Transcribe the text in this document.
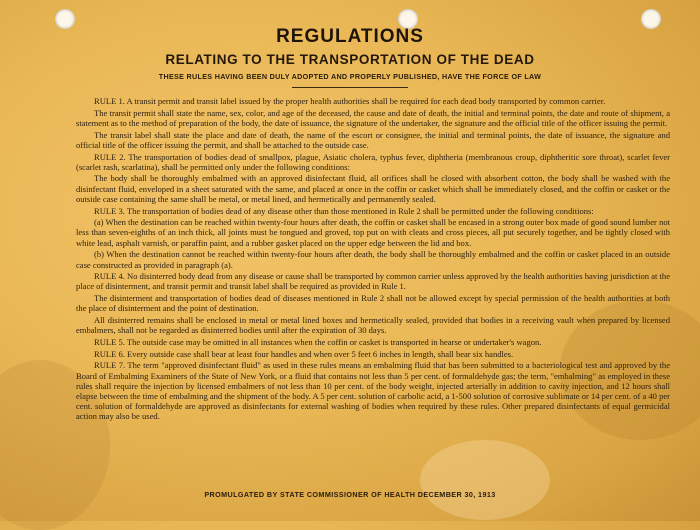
REGULATIONS
RELATING TO THE TRANSPORTATION OF THE DEAD
THESE RULES HAVING BEEN DULY ADOPTED AND PROPERLY PUBLISHED, HAVE THE FORCE OF LAW

RULE 1. A transit permit and transit label issued by the proper health authorities shall be required for each dead body transported by common carrier.

The transit permit shall state the name, sex, color, and age of the deceased, the cause and date of death, the initial and terminal points, the date and route of shipment, a statement as to the method of preparation of the body, the date of issuance, the signature of the undertaker, the signature and the official title of the officer issuing the permit.

The transit label shall state the place and date of death, the name of the escort or consignee, the initial and terminal points, the date of issuance, the signature and official title of the officer issuing the permit, and shall be attached to the outside case.

RULE 2. The transportation of bodies dead of smallpox, plague, Asiatic cholera, typhus fever, diphtheria (membranous croup, diphtheritic sore throat), scarlet fever (scarlet rash, scarlatina), shall be permitted only under the following conditions:

The body shall be thoroughly embalmed with an approved disinfectant fluid, all orifices shall be closed with absorbent cotton, the body shall be washed with the disinfectant fluid, enveloped in a sheet saturated with the same, and placed at once in the coffin or casket which shall be immediately closed, and the coffin or casket or the outside case containing the same shall be metal, or metal lined, and hermetically and permanently sealed.

RULE 3. The transportation of bodies dead of any disease other than those mentioned in Rule 2 shall be permitted under the following conditions:

(a) When the destination can be reached within twenty-four hours after death, the coffin or casket shall be encased in a strong outer box made of good sound lumber not less than seven-eighths of an inch thick, all joints must be tongued and groved, top put on with cleats and cross pieces, all put securely together, and be tightly closed with white lead, asphalt varnish, or paraffin paint, and a rubber gasket placed on the upper edge between the lid and box.

(b) When the destination cannot be reached within twenty-four hours after death, the body shall be thoroughly embalmed and the coffin or casket placed in an outside case constructed as provided in paragraph (a).

RULE 4. No disinterred body dead from any disease or cause shall be transported by common carrier unless approved by the health authorities having jurisdiction at the place of disinterment, and transit permit and transit label shall be required as provided in Rule 1.

The disinterment and transportation of bodies dead of diseases mentioned in Rule 2 shall not be allowed except by special permission of the health authorities at both the place of disinterment and the point of destination.

All disinterred remains shall be enclosed in metal or metal lined boxes and hermetically sealed, provided that bodies in a receiving vault when prepared by licensed embalmers, shall not be regarded as disinterred bodies until after the expiration of 30 days.

RULE 5. The outside case may be omitted in all instances when the coffin or casket is transported in hearse or undertaker's wagon.

RULE 6. Every outside case shall bear at least four handles and when over 5 feet 6 inches in length, shall bear six handles.

RULE 7. The term "approved disinfectant fluid" as used in these rules means an embalming fluid that has been submitted to a bacteriological test and approved by the Board of Embalming Examiners of the State of New York, or a fluid that contains not less than 5 per cent. of formaldehyde gas; the term, "embalming" as employed in these rules shall require the injection by licensed embalmers of not less than 10 per cent. of the body weight, injected arterially in addition to cavity injection, and 12 hours shall elapse between the time of embalming and the shipment of the body. A 5 per cent. solution of carbolic acid, a 1-500 solution of corrosive sublimate or 14 per cent. of a 40 per cent. solution of formaldehyde are approved as disinfectants for external washing of bodies when required by these rules. Other prepared disinfectants of equal germicidal action may also be used.

PROMULGATED BY STATE COMMISSIONER OF HEALTH DECEMBER 30, 1913
